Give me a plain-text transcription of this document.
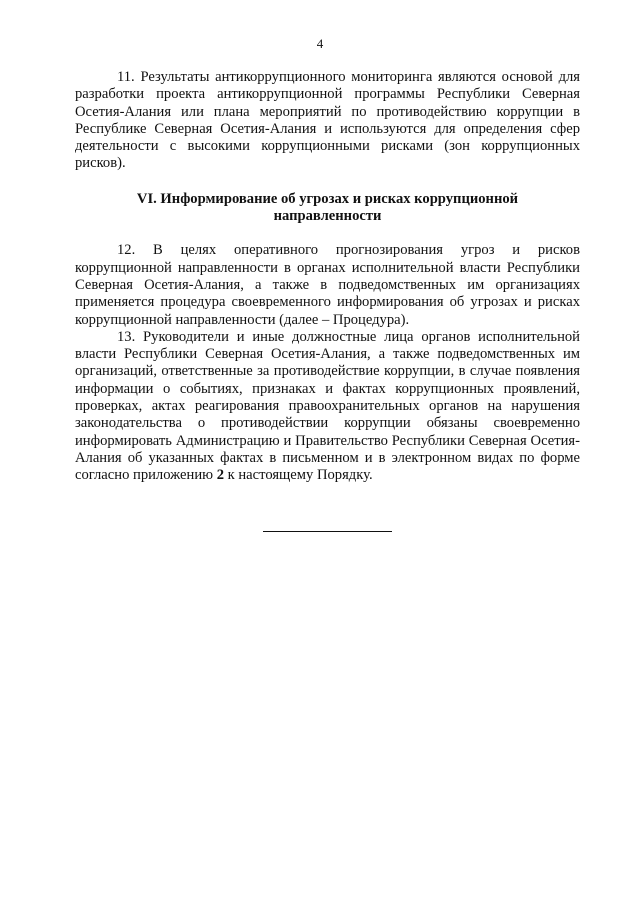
4

11. Результаты антикоррупционного мониторинга являются основой для разработки проекта антикоррупционной программы Республики Северная Осетия-Алания или плана мероприятий по противодействию коррупции в Республике Северная Осетия-Алания и используются для определения сфер деятельности с высокими коррупционными рисками (зон коррупционных рисков).

VI. Информирование об угрозах и рисках коррупционной
направленности

12. В целях оперативного прогнозирования угроз и рисков коррупционной направленности в органах исполнительной власти Республики Северная Осетия-Алания, а также в подведомственных им организациях применяется процедура своевременного информирования об угрозах и рисках коррупционной направленности (далее – Процедура).

13. Руководители и иные должностные лица органов исполнительной власти Республики Северная Осетия-Алания, а также подведомственных им организаций, ответственные за противодействие коррупции, в случае появления информации о событиях, признаках и фактах коррупционных проявлений, проверках, актах реагирования правоохранительных органов на нарушения законодательства о противодействии коррупции обязаны своевременно информировать Администрацию и Правительство Республики Северная Осетия-Алания об указанных фактах в письменном и в электронном видах по форме согласно приложению 2 к настоящему Порядку.
